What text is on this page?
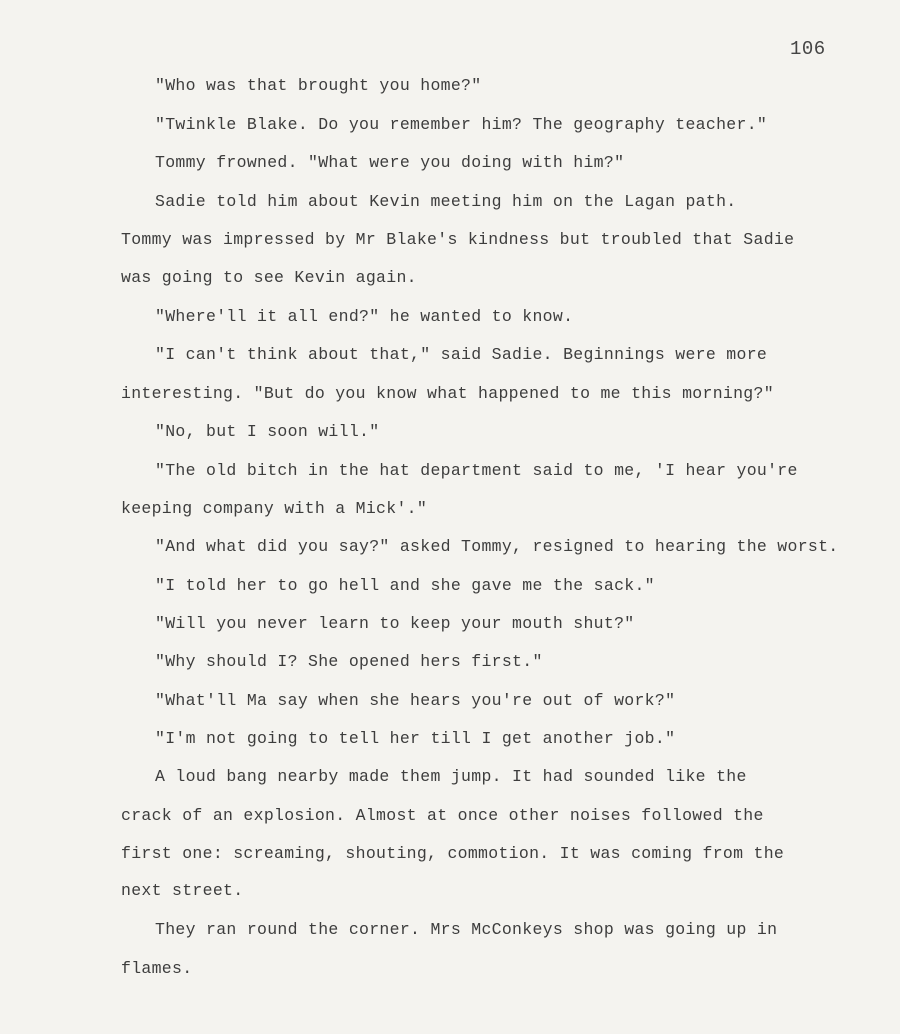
106
"Who was that brought you home?"
"Twinkle Blake. Do you remember him? The geography teacher."
Tommy frowned. "What were you doing with him?"
Sadie told him about Kevin meeting him on the Lagan path.
Tommy was impressed by Mr Blake's kindness but troubled that Sadie
was going to see Kevin again.
"Where'll it all end?" he wanted to know.
"I can't think about that," said Sadie. Beginnings were more
interesting. "But do you know what happened to me this morning?"
"No, but I soon will."
"The old bitch in the hat department said to me, 'I hear you're
keeping company with a Mick'."
"And what did you say?" asked Tommy, resigned to hearing the worst.
"I told her to go hell and she gave me the sack."
"Will you never learn to keep your mouth shut?"
"Why should I? She opened hers first."
"What'll Ma say when she hears you're out of work?"
"I'm not going to tell her till I get another job."
A loud bang nearby made them jump. It had sounded like the
crack of an explosion. Almost at once other noises followed the
first one: screaming, shouting, commotion. It was coming from the
next street.
They ran round the corner. Mrs McConkeys shop was going up in
flames.
